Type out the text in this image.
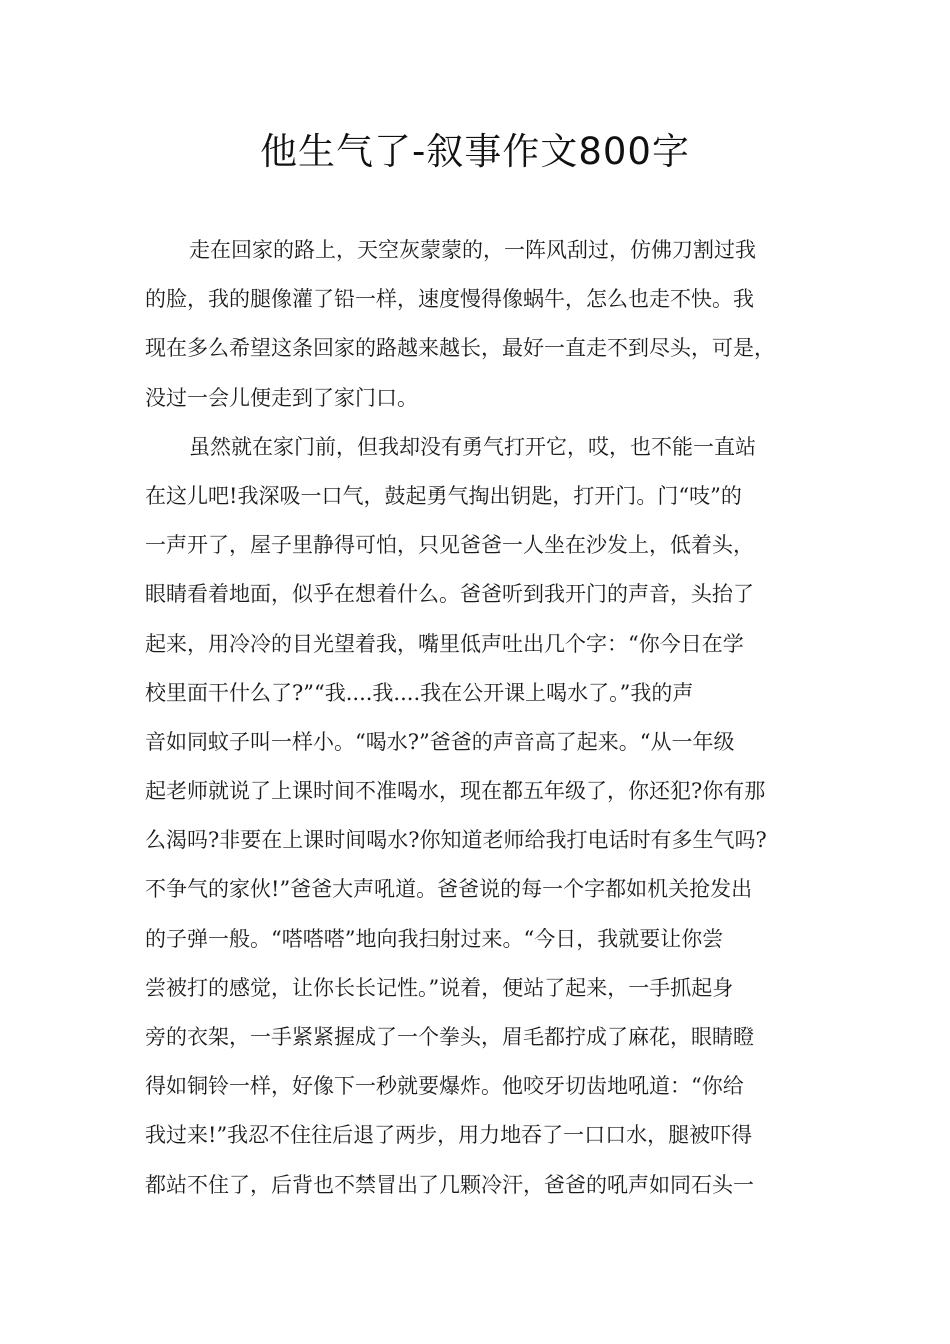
他生气了-叙事作文800字
走在回家的路上，天空灰蒙蒙的，一阵风刮过，仿佛刀割过我
的脸，我的腿像灌了铅一样，速度慢得像蜗牛，怎么也走不快。我
现在多么希望这条回家的路越来越长，最好一直走不到尽头，可是，
没过一会儿便走到了家门口。
虽然就在家门前，但我却没有勇气打开它，哎，也不能一直站
在这儿吧!我深吸一口气，鼓起勇气掏出钥匙，打开门。门“吱”的
一声开了，屋子里静得可怕，只见爸爸一人坐在沙发上，低着头，
眼睛看着地面，似乎在想着什么。爸爸听到我开门的声音，头抬了
起来，用冷冷的目光望着我，嘴里低声吐出几个字：“你今日在学
校里面干什么了?”“我....我....我在公开课上喝水了。”我的声
音如同蚊子叫一样小。“喝水?”爸爸的声音高了起来。“从一年级
起老师就说了上课时间不准喝水，现在都五年级了，你还犯?你有那
么渴吗?非要在上课时间喝水?你知道老师给我打电话时有多生气吗?
不争气的家伙!”爸爸大声吼道。爸爸说的每一个字都如机关抢发出
的子弹一般。“嗒嗒嗒”地向我扫射过来。“今日，我就要让你尝
尝被打的感觉，让你长长记性。”说着，便站了起来，一手抓起身
旁的衣架，一手紧紧握成了一个拳头，眉毛都拧成了麻花，眼睛瞪
得如铜铃一样，好像下一秒就要爆炸。他咬牙切齿地吼道：“你给
我过来!”我忍不住往后退了两步，用力地吞了一口口水，腿被吓得
都站不住了，后背也不禁冒出了几颗冷汗，爸爸的吼声如同石头一
